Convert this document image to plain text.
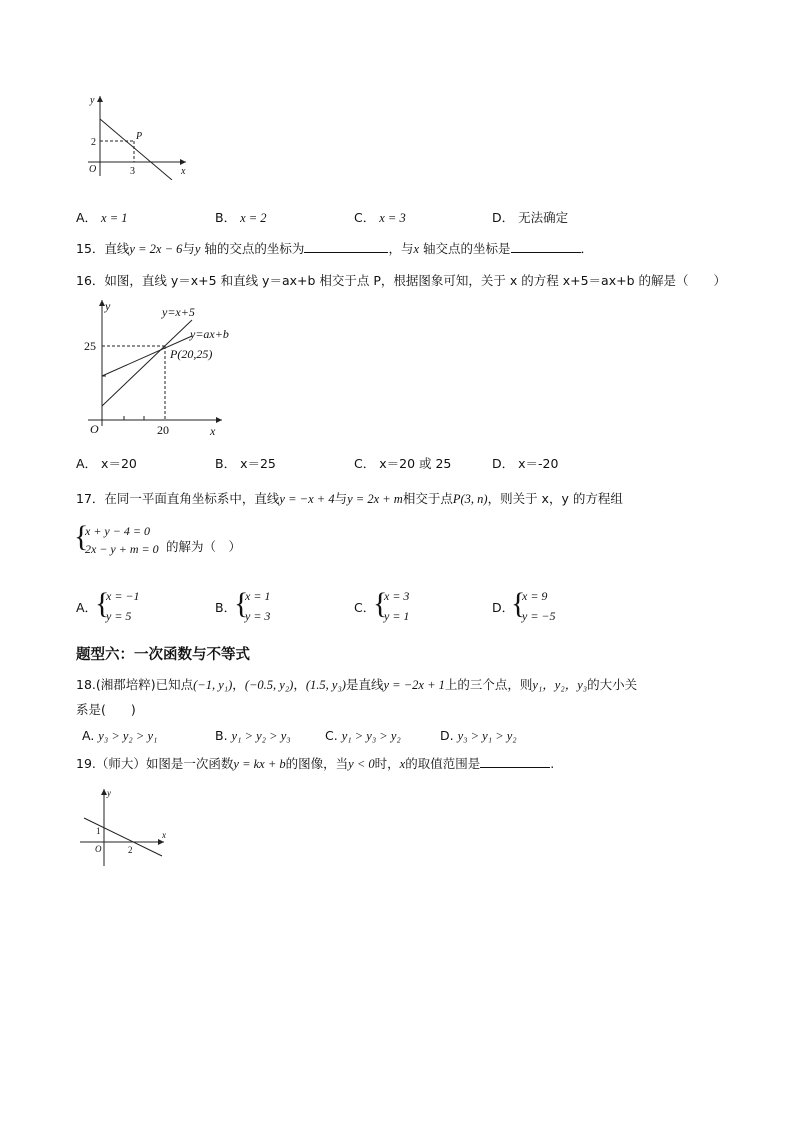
y
x
O
2
3
P
A． x = 1	B． x = 2	C． x = 3	D． 无法确定
15．直线y = 2x − 6与y 轴的交点的坐标为	，与x 轴交点的坐标是	．
16．如图，直线 y＝x+5 和直线 y＝ax+b 相交于点 P，根据图象可知，关于 x 的方程 x+5＝ax+b 的解是（　　）
y
x
O
25
20
y=x+5
y=ax+b
P(20,25)
A． x＝20	B． x＝25	C． x＝20 或 25	D． x＝-20
17．在同一平面直角坐标系中，直线y = −x + 4与y = 2x + m相交于点P(3, n)，则关于 x，y 的方程组
{
x + y − 4 = 0
2x − y + m = 0 的解为（　）
A．
{
x = −1
y = 5
B．
{
x = 1
y = 3
C．
{
x = 3
y = 1
D．
{
x = 9
y = −5
题型六：一次函数与不等式
18.(湘郡培粹)已知点(−1, y₁)，(−0.5, y₂)，(1.5, y₃)是直线y = −2x + 1上的三个点，则y₁，y₂，y₃的大小关
系是(　　)
A. y₃ > y₂ > y₁	B. y₁ > y₂ > y₃	C. y₁ > y₃ > y₂	D. y₃ > y₁ > y₂
19.（师大）如图是一次函数y = kx + b的图像，当y < 0时，x的取值范围是	.
y
x
O
1
2
